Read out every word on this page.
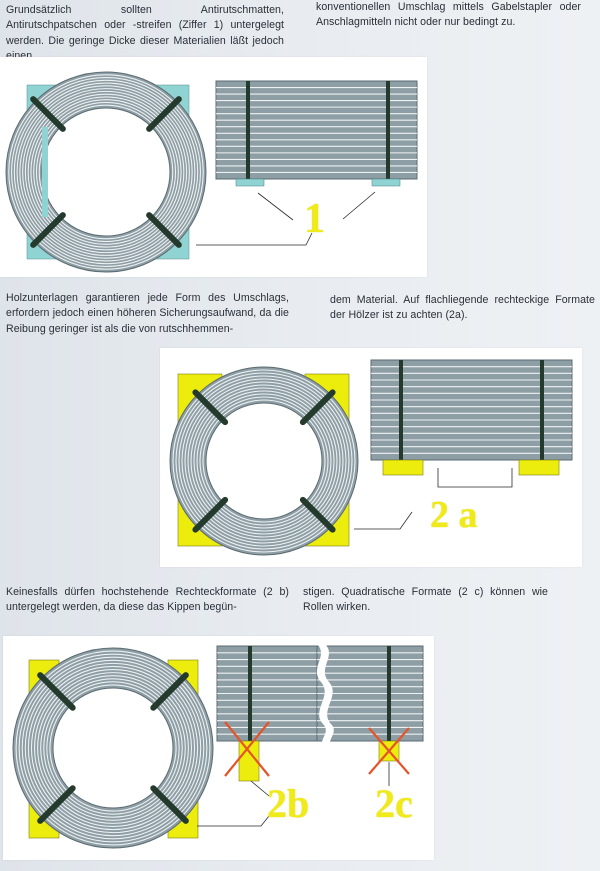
Grundsätzlich sollten Antirutschmatten, Antirutschpatschen oder -streifen (Ziffer 1) untergelegt werden. Die geringe Dicke dieser Materialien läßt jedoch

konventionellen Umschlag mittels Gabelstapler oder Anschlagmitteln nicht oder nur bedingt zu.

1

Holzunterlagen garantieren jede Form des Umschlags, erfordern jedoch einen höheren Sicherungsaufwand, da die Reibung geringer ist als die von rutschhemmen-

dem Material. Auf flachliegende rechteckige Formate der Hölzer ist zu achten (2a).

2 a

Keinesfalls dürfen hochstehende Rechteckformate (2 b) untergelegt werden, da diese das Kippen begün-

stigen. Quadratische Formate (2 c) können wie Rollen wirken.

2b 2c
